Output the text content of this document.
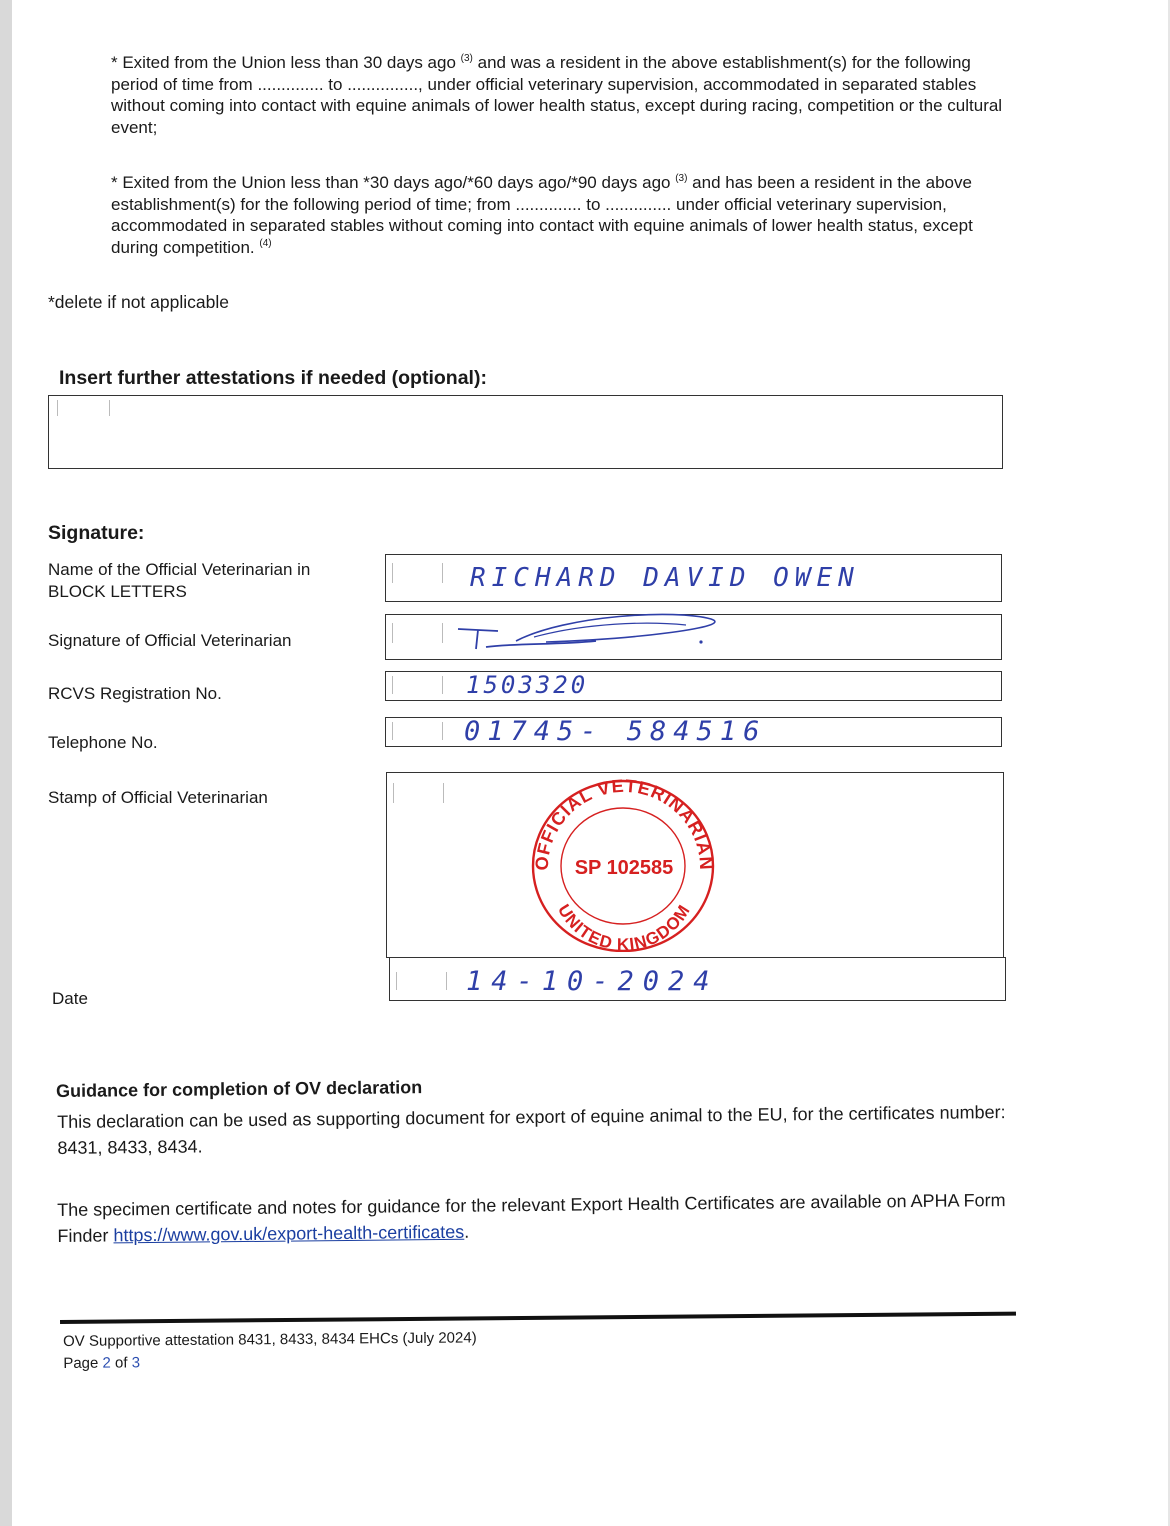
* Exited from the Union less than 30 days ago $^{(3)}$ and was a resident in the above establishment(s) for the following period of time from .............. to ..............., under official veterinary supervision, accommodated in separated stables without coming into contact with equine animals of lower health status, except during racing, competition or the cultural event;
* Exited from the Union less than *30 days ago/*60 days ago/*90 days ago $^{(3)}$ and has been a resident in the above establishment(s) for the following period of time; from .............. to .............. under official veterinary supervision, accommodated in separated stables without coming into contact with equine animals of lower health status, except during competition. $^{(4)}$
*delete if not applicable
Insert further attestations if needed (optional):
Signature:
Name of the Official Veterinarian in
BLOCK LETTERS	RICHARD DAVID OWEN
Signature of Official Veterinarian
RCVS Registration No.	1503320
Telephone No.	01745- 584516
Stamp of Official Veterinarian
OFFICIAL VETERINARIAN
UNITED KINGDOM
SP 102585
Date
14-10-2024
Guidance for completion of OV declaration
This declaration can be used as supporting document for export of equine animal to the EU, for the certificates number: 8431, 8433, 8434.
The specimen certificate and notes for guidance for the relevant Export Health Certificates are available on APHA Form Finder https://www.gov.uk/export-health-certificates.
OV Supportive attestation 8431, 8433, 8434 EHCs (July 2024)
Page 2 of 3
